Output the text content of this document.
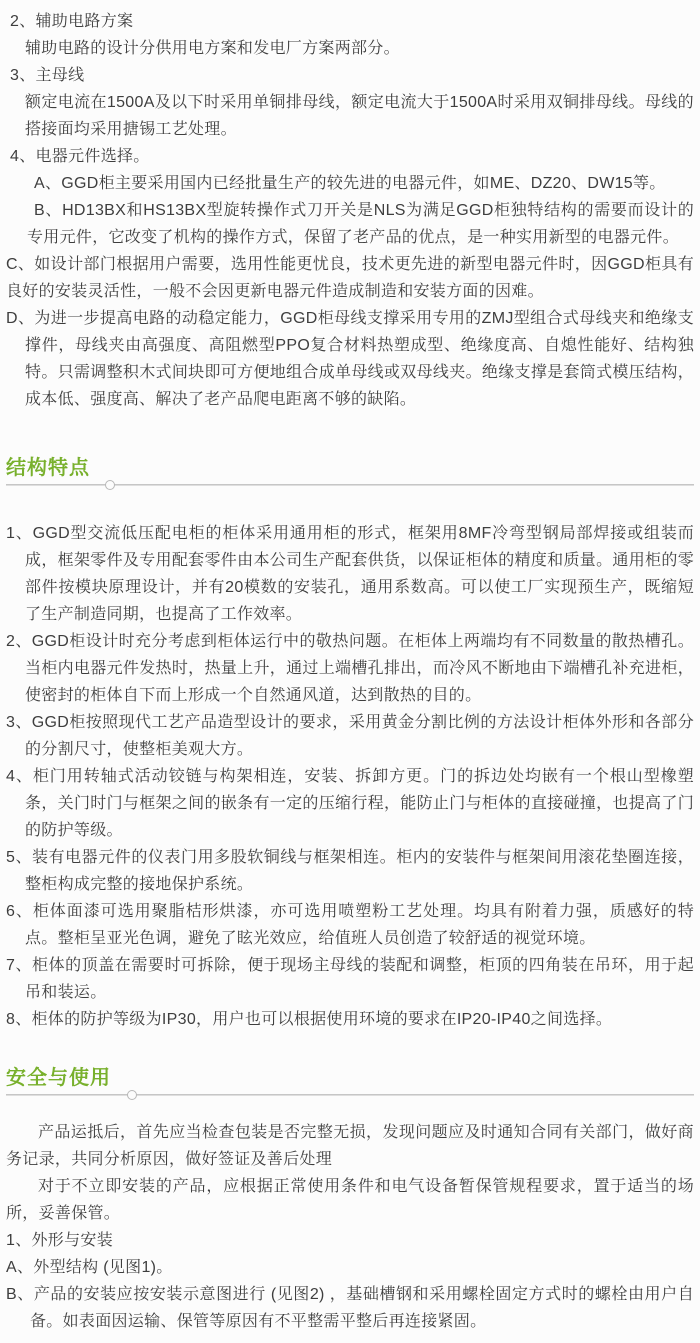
2、辅助电路方案

辅助电路的设计分供用电方案和发电厂方案两部分。

3、主母线

额定电流在1500A及以下时采用单铜排母线，额定电流大于1500A时采用双铜排母线。母线的搭接面均采用搪锡工艺处理。

4、电器元件选择。

A、GGD柜主要采用国内已经批量生产的较先进的电器元件，如ME、DZ20、DW15等。

B、HD13BX和HS13BX型旋转操作式刀开关是NLS为满足GGD柜独特结构的需要而设计的专用元件，它改变了机构的操作方式，保留了老产品的优点，是一种实用新型的电器元件。

C、如设计部门根据用户需要，选用性能更忧良，技术更先进的新型电器元件时，因GGD柜具有良好的安装灵活性，一般不会因更新电器元件造成制造和安装方面的因难。

D、为进一步提高电路的动稳定能力，GGD柜母线支撑采用专用的ZMJ型组合式母线夹和绝缘支撑件，母线夹由高强度、高阻燃型PPO复合材料热塑成型、绝缘度高、自熄性能好、结构独特。只需调整积木式间块即可方便地组合成单母线或双母线夹。绝缘支撑是套筒式模压结构，成本低、强度高、解决了老产品爬电距离不够的缺陷。

结构特点

1、GGD型交流低压配电柜的柜体采用通用柜的形式，框架用8MF冷弯型钢局部焊接或组装而成，框架零件及专用配套零件由本公司生产配套供货，以保证柜体的精度和质量。通用柜的零部件按模块原理设计，并有20模数的安装孔，通用系数高。可以使工厂实现预生产，既缩短了生产制造同期，也提高了工作效率。

2、GGD柜设计时充分考虑到柜体运行中的敬热问题。在柜体上两端均有不同数量的散热槽孔。当柜内电器元件发热时，热量上升，通过上端槽孔排出，而冷风不断地由下端槽孔补充进柜，使密封的柜体自下而上形成一个自然通风道，达到散热的目的。

3、GGD柜按照现代工艺产品造型设计的要求，采用黄金分割比例的方法设计柜体外形和各部分的分割尺寸，使整柜美观大方。

4、柜门用转轴式活动铰链与构架相连，安装、拆卸方更。门的拆边处均嵌有一个根山型橡塑条，关门时门与框架之间的嵌条有一定的压缩行程，能防止门与柜体的直接碰撞，也提高了门的防护等级。

5、装有电器元件的仪表门用多股软铜线与框架相连。柜内的安装件与框架间用滚花垫圈连接，整柜构成完整的接地保护系统。

6、柜体面漆可选用聚脂桔形烘漆，亦可选用喷塑粉工艺处理。均具有附着力强，质感好的特点。整柜呈亚光色调，避免了眩光效应，给值班人员创造了较舒适的视觉环境。

7、柜体的顶盖在需要时可拆除，便于现场主母线的装配和调整，柜顶的四角装在吊环，用于起吊和装运。

8、柜体的防护等级为IP30，用户也可以根据使用环境的要求在IP20-IP40之间选择。

安全与使用

产品运抵后，首先应当检查包装是否完整无损，发现问题应及时通知合同有关部门，做好商务记录，共同分析原因，做好签证及善后处理

对于不立即安装的产品，应根据正常使用条件和电气设备暂保管规程要求，置于适当的场所，妥善保管。

1、外形与安装

A、外型结构 (见图1)。

B、产品的安装应按安装示意图进行 (见图2) ，基础槽钢和采用螺栓固定方式时的螺栓由用户自备。如表面因运输、保管等原因有不平整需平整后再连接紧固。
